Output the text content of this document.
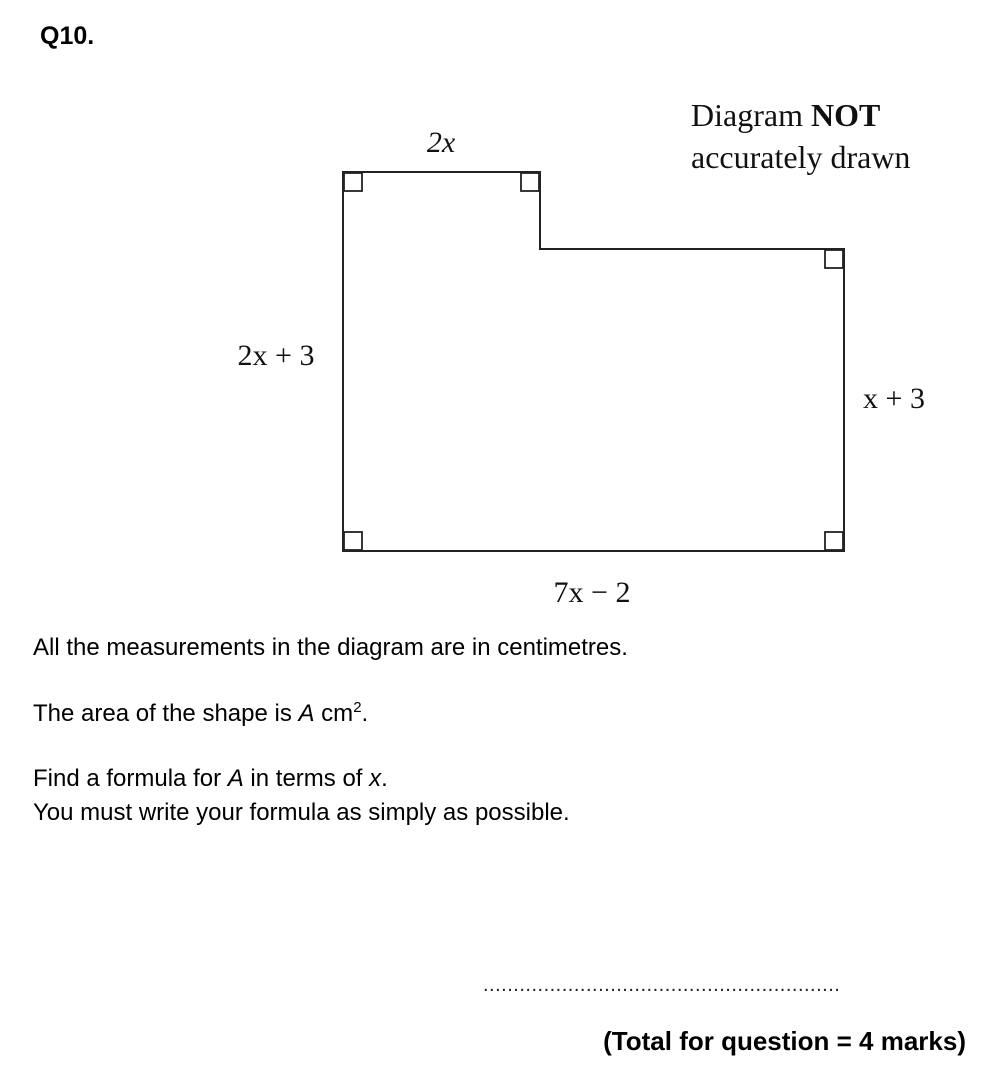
Q10.
2x
2x + 3
x + 3
7x − 2
Diagram NOT
accurately drawn
All the measurements in the diagram are in centimetres.
The area of the shape is A $cm^2$.
Find a formula for A in terms of x.
You must write your formula as simply as possible.
...........................................................
(Total for question = 4 marks)
